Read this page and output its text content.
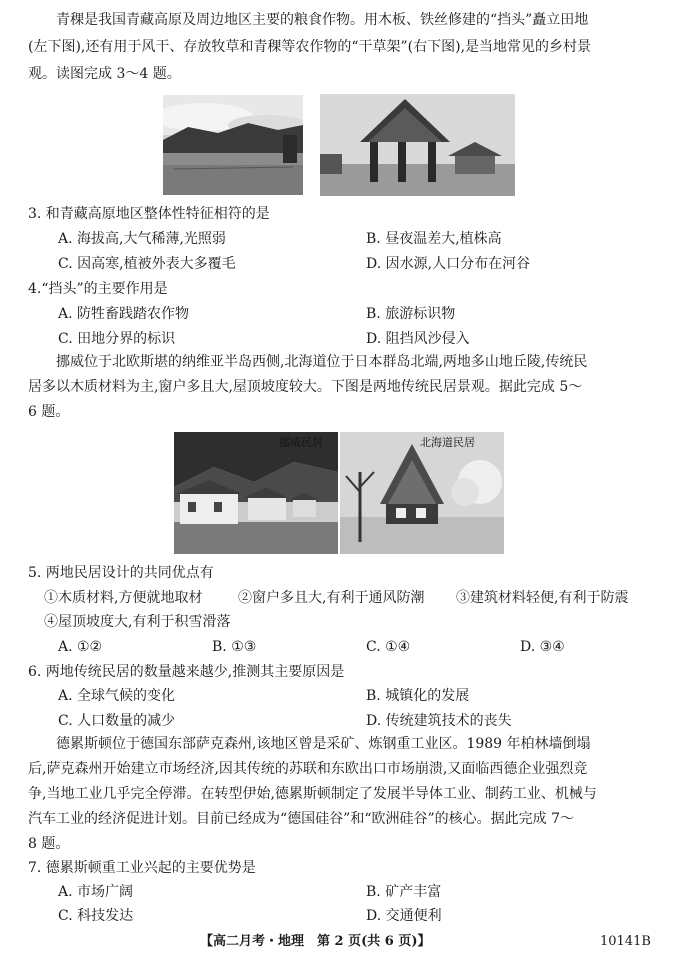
青稞是我国青藏高原及周边地区主要的粮食作物。用木板、铁丝修建的“挡头”矗立田地
(左下图),还有用于风干、存放牧草和青稞等农作物的“干草架”(右下图),是当地常见的乡村景
观。读图完成 3～4 题。
3. 和青藏高原地区整体性特征相符的是
A. 海拔高,大气稀薄,光照弱	B. 昼夜温差大,植株高
C. 因高寒,植被外表大多覆毛	D. 因水源,人口分布在河谷
4.“挡头”的主要作用是
A. 防牲畜践踏农作物	B. 旅游标识物
C. 田地分界的标识	D. 阻挡风沙侵入
挪威位于北欧斯堪的纳维亚半岛西侧,北海道位于日本群岛北端,两地多山地丘陵,传统民
居多以木质材料为主,窗户多且大,屋顶坡度较大。下图是两地传统民居景观。据此完成 5～
6 题。
挪威民居	北海道民居
5. 两地民居设计的共同优点有
①木质材料,方便就地取材	②窗户多且大,有利于通风防潮 ③建筑材料轻便,有利于防震
④屋顶坡度大,有利于积雪滑落
A. ①②	B. ①③	C. ①④	D. ③④
6. 两地传统民居的数量越来越少,推测其主要原因是
A. 全球气候的变化	B. 城镇化的发展
C. 人口数量的减少	D. 传统建筑技术的丧失
德累斯顿位于德国东部萨克森州,该地区曾是采矿、炼钢重工业区。1989 年柏林墙倒塌
后,萨克森州开始建立市场经济,因其传统的苏联和东欧出口市场崩溃,又面临西德企业强烈竞
争,当地工业几乎完全停滞。在转型伊始,德累斯顿制定了发展半导体工业、制药工业、机械与
汽车工业的经济促进计划。目前已经成为“德国硅谷”和“欧洲硅谷”的核心。据此完成 7～
8 题。
7. 德累斯顿重工业兴起的主要优势是
A. 市场广阔	B. 矿产丰富
C. 科技发达	D. 交通便利
【高二月考・地理　第 2 页(共 6 页)】	10141B
